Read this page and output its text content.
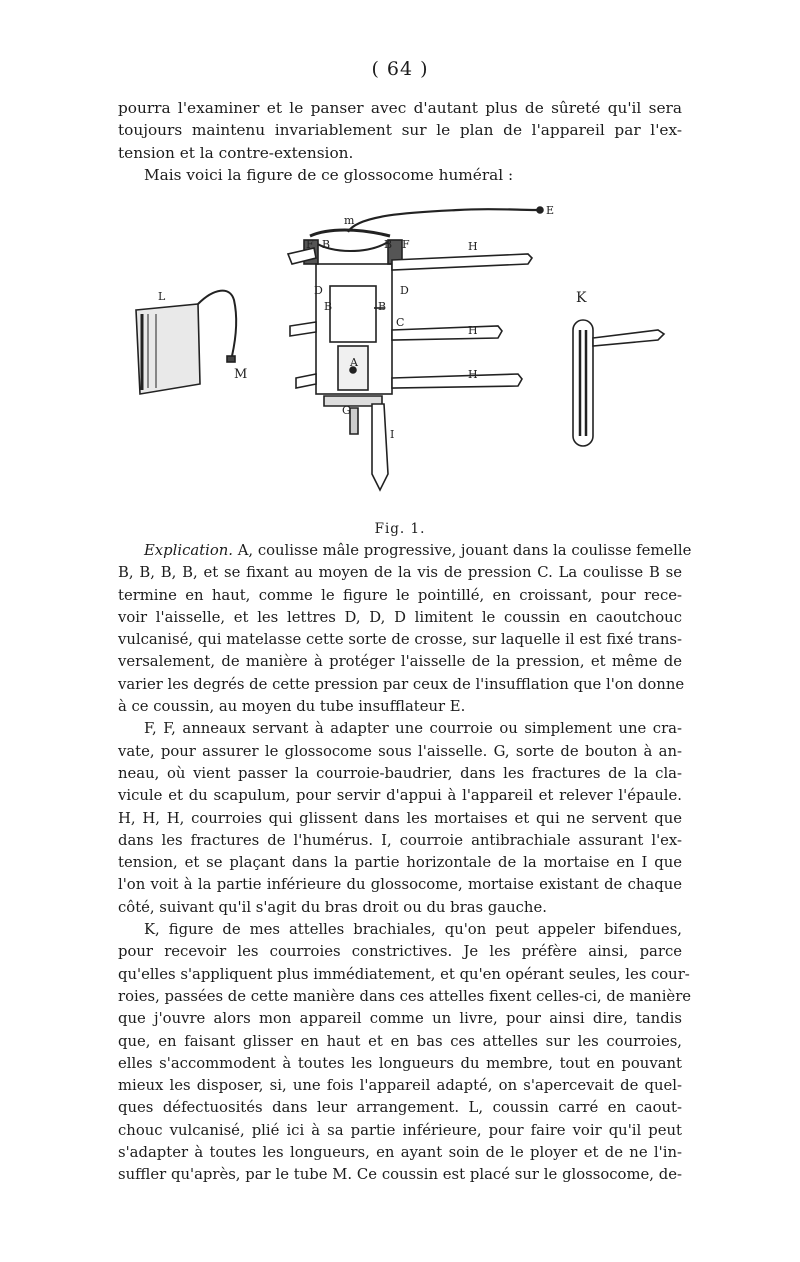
( 64 )
pourra l'examiner et le panser avec d'autant plus de sûreté qu'il sera
toujours maintenu invariablement sur le plan de l'appareil par l'ex-
tension et la contre-extension.
Mais voici la figure de ce glossocome huméral :
m
E
F B	B F	H
D	D
B	B
C
H
A
H
G
I
L
M
K
Fig. 1.
Explication. A, coulisse mâle progressive, jouant dans la coulisse femelle
B, B, B, B, et se fixant au moyen de la vis de pression C. La coulisse B se
termine en haut, comme le figure le pointillé, en croissant, pour rece-
voir l'aisselle, et les lettres D, D, D limitent le coussin en caoutchouc
vulcanisé, qui matelasse cette sorte de crosse, sur laquelle il est fixé trans-
versalement, de manière à protéger l'aisselle de la pression, et même de
varier les degrés de cette pression par ceux de l'insufflation que l'on donne
à ce coussin, au moyen du tube insufflateur E.
F, F, anneaux servant à adapter une courroie ou simplement une cra-
vate, pour assurer le glossocome sous l'aisselle. G, sorte de bouton à an-
neau, où vient passer la courroie-baudrier, dans les fractures de la cla-
vicule et du scapulum, pour servir d'appui à l'appareil et relever l'épaule.
H, H, H, courroies qui glissent dans les mortaises et qui ne servent que
dans les fractures de l'humérus. I, courroie antibrachiale assurant l'ex-
tension, et se plaçant dans la partie horizontale de la mortaise en I que
l'on voit à la partie inférieure du glossocome, mortaise existant de chaque
côté, suivant qu'il s'agit du bras droit ou du bras gauche.
K, figure de mes attelles brachiales, qu'on peut appeler bifendues,
pour recevoir les courroies constrictives. Je les préfère ainsi, parce
qu'elles s'appliquent plus immédiatement, et qu'en opérant seules, les cour-
roies, passées de cette manière dans ces attelles fixent celles-ci, de manière
que j'ouvre alors mon appareil comme un livre, pour ainsi dire, tandis
que, en faisant glisser en haut et en bas ces attelles sur les courroies,
elles s'accommodent à toutes les longueurs du membre, tout en pouvant
mieux les disposer, si, une fois l'appareil adapté, on s'apercevait de quel-
ques défectuosités dans leur arrangement. L, coussin carré en caout-
chouc vulcanisé, plié ici à sa partie inférieure, pour faire voir qu'il peut
s'adapter à toutes les longueurs, en ayant soin de le ployer et de ne l'in-
suffler qu'après, par le tube M. Ce coussin est placé sur le glossocome, de-
